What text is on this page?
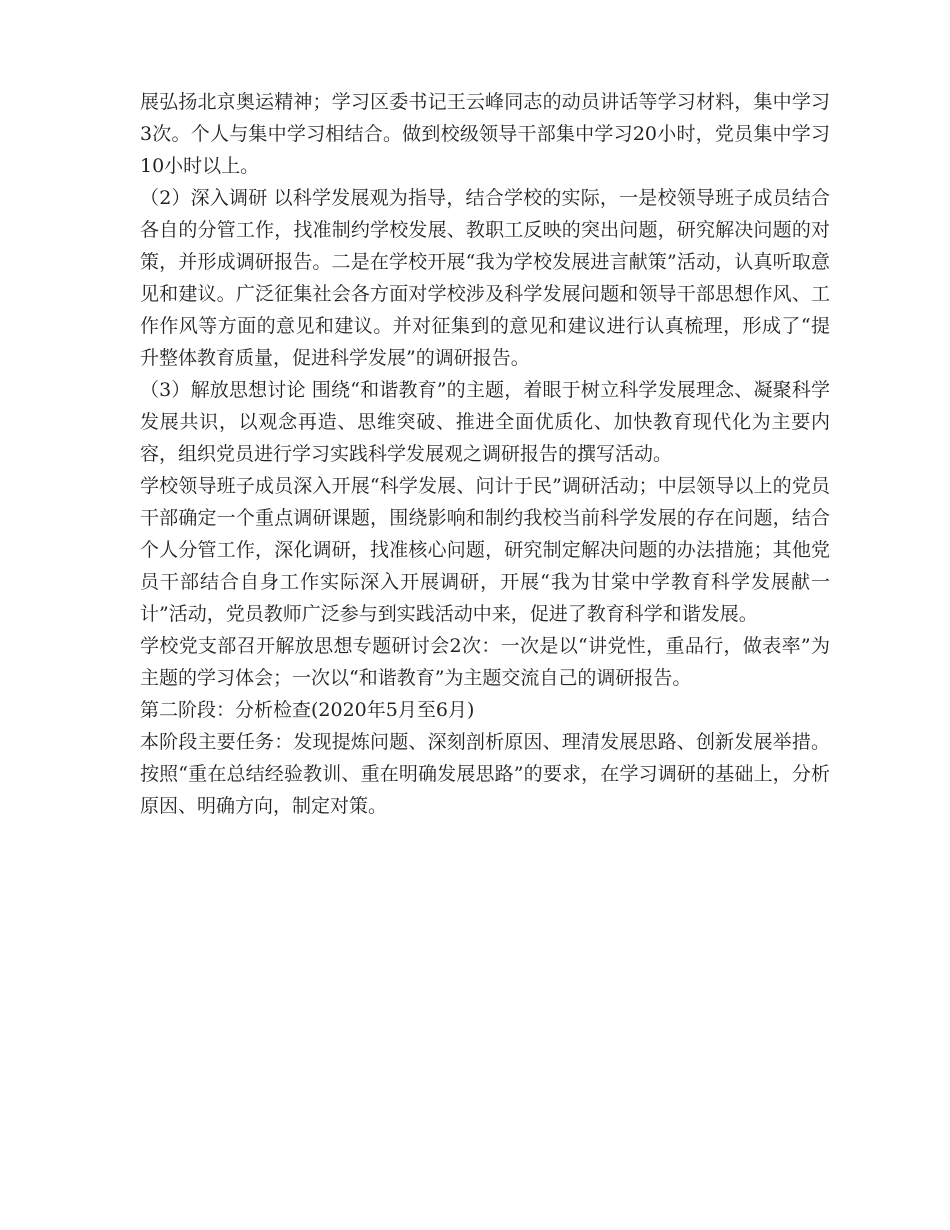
展弘扬北京奥运精神；学习区委书记王云峰同志的动员讲话等学习材料，集中学习3次。个人与集中学习相结合。做到校级领导干部集中学习20小时，党员集中学习10小时以上。

（2）深入调研 以科学发展观为指导，结合学校的实际，一是校领导班子成员结合各自的分管工作，找准制约学校发展、教职工反映的突出问题，研究解决问题的对策，并形成调研报告。二是在学校开展“我为学校发展进言献策”活动，认真听取意见和建议。广泛征集社会各方面对学校涉及科学发展问题和领导干部思想作风、工作作风等方面的意见和建议。并对征集到的意见和建议进行认真梳理，形成了“提升整体教育质量，促进科学发展”的调研报告。

（3）解放思想讨论 围绕“和谐教育”的主题，着眼于树立科学发展理念、凝聚科学发展共识，以观念再造、思维突破、推进全面优质化、加快教育现代化为主要内容，组织党员进行学习实践科学发展观之调研报告的撰写活动。

学校领导班子成员深入开展“科学发展、问计于民”调研活动；中层领导以上的党员干部确定一个重点调研课题，围绕影响和制约我校当前科学发展的存在问题，结合个人分管工作，深化调研，找准核心问题，研究制定解决问题的办法措施；其他党员干部结合自身工作实际深入开展调研，开展“我为甘棠中学教育科学发展献一计”活动，党员教师广泛参与到实践活动中来，促进了教育科学和谐发展。

学校党支部召开解放思想专题研讨会2次：一次是以“讲党性，重品行，做表率”为主题的学习体会；一次以“和谐教育”为主题交流自己的调研报告。

第二阶段：分析检查(2020年5月至6月)

本阶段主要任务：发现提炼问题、深刻剖析原因、理清发展思路、创新发展举措。按照“重在总结经验教训、重在明确发展思路”的要求，在学习调研的基础上，分析原因、明确方向，制定对策。
